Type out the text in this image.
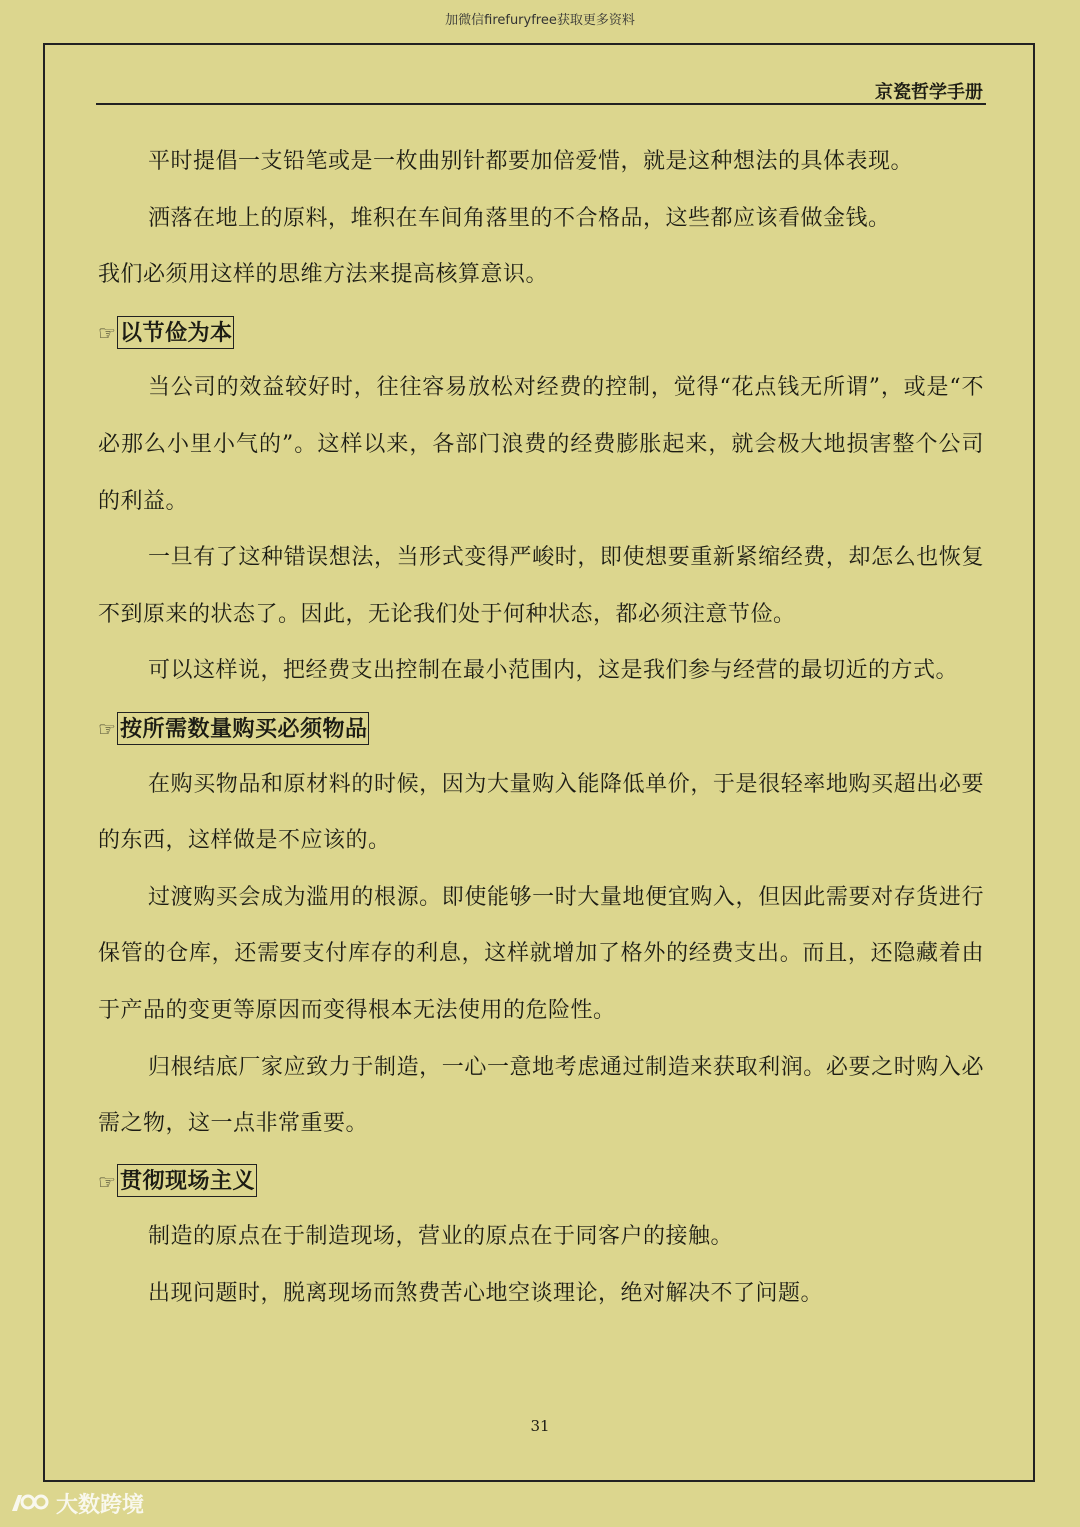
加微信firefuryfree获取更多资料
京瓷哲学手册

平时提倡一支铅笔或是一枚曲别针都要加倍爱惜，就是这种想法的具体表现。

洒落在地上的原料，堆积在车间角落里的不合格品，这些都应该看做金钱。

我们必须用这样的思维方法来提高核算意识。

☞ 以节俭为本

当公司的效益较好时，往往容易放松对经费的控制，觉得“花点钱无所谓”，或是“不必那么小里小气的”。这样以来，各部门浪费的经费膨胀起来，就会极大地损害整个公司的利益。

一旦有了这种错误想法，当形式变得严峻时，即使想要重新紧缩经费，却怎么也恢复不到原来的状态了。因此，无论我们处于何种状态，都必须注意节俭。

可以这样说，把经费支出控制在最小范围内，这是我们参与经营的最切近的方式。

☞ 按所需数量购买必须物品

在购买物品和原材料的时候，因为大量购入能降低单价，于是很轻率地购买超出必要的东西，这样做是不应该的。

过渡购买会成为滥用的根源。即使能够一时大量地便宜购入，但因此需要对存货进行保管的仓库，还需要支付库存的利息，这样就增加了格外的经费支出。而且，还隐藏着由于产品的变更等原因而变得根本无法使用的危险性。

归根结底厂家应致力于制造，一心一意地考虑通过制造来获取利润。必要之时购入必需之物，这一点非常重要。

☞ 贯彻现场主义

制造的原点在于制造现场，营业的原点在于同客户的接触。

出现问题时，脱离现场而煞费苦心地空谈理论，绝对解决不了问题。

31
大数跨境
